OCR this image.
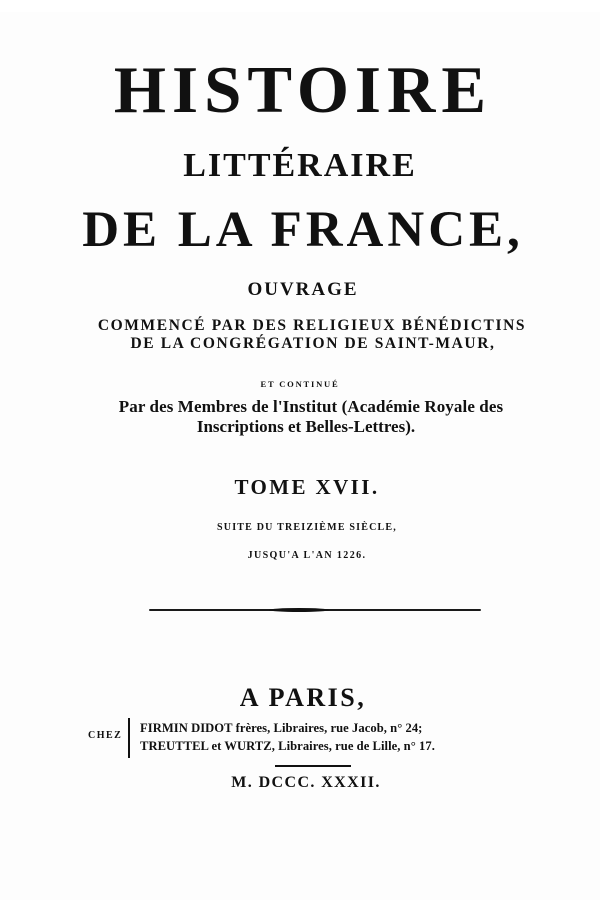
HISTOIRE
LITTÉRAIRE
DE LA FRANCE,
OUVRAGE
COMMENCÉ PAR DES RELIGIEUX BÉNÉDICTINS
DE LA CONGRÉGATION DE SAINT-MAUR,
ET CONTINUÉ
Par des Membres de l'Institut (Académie Royale des
Inscriptions et Belles-Lettres).
TOME XVII.
SUITE DU TREIZIÈME SIÈCLE,
JUSQU'A L'AN 1226.
A PARIS,
CHEZ
FIRMIN DIDOT frères, Libraires, rue Jacob, n° 24;
TREUTTEL et WURTZ, Libraires, rue de Lille, n° 17.
M. DCCC. XXXII.
